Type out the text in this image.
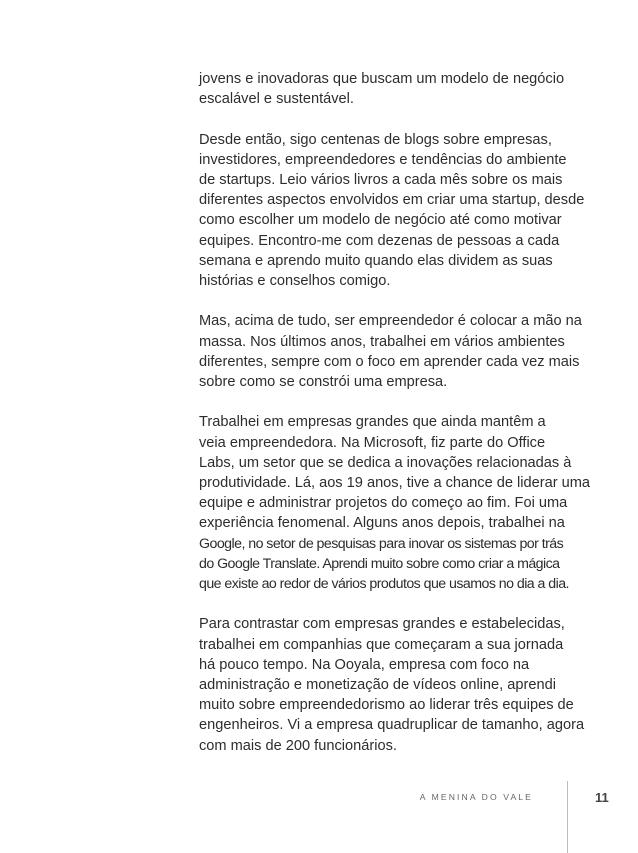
jovens e inovadoras que buscam um modelo de negócio
escalável e sustentável.
Desde então, sigo centenas de blogs sobre empresas,
investidores, empreendedores e tendências do ambiente
de startups. Leio vários livros a cada mês sobre os mais
diferentes aspectos envolvidos em criar uma startup, desde
como escolher um modelo de negócio até como motivar
equipes. Encontro-me com dezenas de pessoas a cada
semana e aprendo muito quando elas dividem as suas
histórias e conselhos comigo.
Mas, acima de tudo, ser empreendedor é colocar a mão na
massa. Nos últimos anos, trabalhei em vários ambientes
diferentes, sempre com o foco em aprender cada vez mais
sobre como se constrói uma empresa.
Trabalhei em empresas grandes que ainda mantêm a
veia empreendedora. Na Microsoft, fiz parte do Office
Labs, um setor que se dedica a inovações relacionadas à
produtividade. Lá, aos 19 anos, tive a chance de liderar uma
equipe e administrar projetos do começo ao fim. Foi uma
experiência fenomenal. Alguns anos depois, trabalhei na
Google, no setor de pesquisas para inovar os sistemas por trás
do Google Translate. Aprendi muito sobre como criar a mágica
que existe ao redor de vários produtos que usamos no dia a dia.
Para contrastar com empresas grandes e estabelecidas,
trabalhei em companhias que começaram a sua jornada
há pouco tempo. Na Ooyala, empresa com foco na
administração e monetização de vídeos online, aprendi
muito sobre empreendedorismo ao liderar três equipes de
engenheiros. Vi a empresa quadruplicar de tamanho, agora
com mais de 200 funcionários.
A MENINA DO VALE	11
